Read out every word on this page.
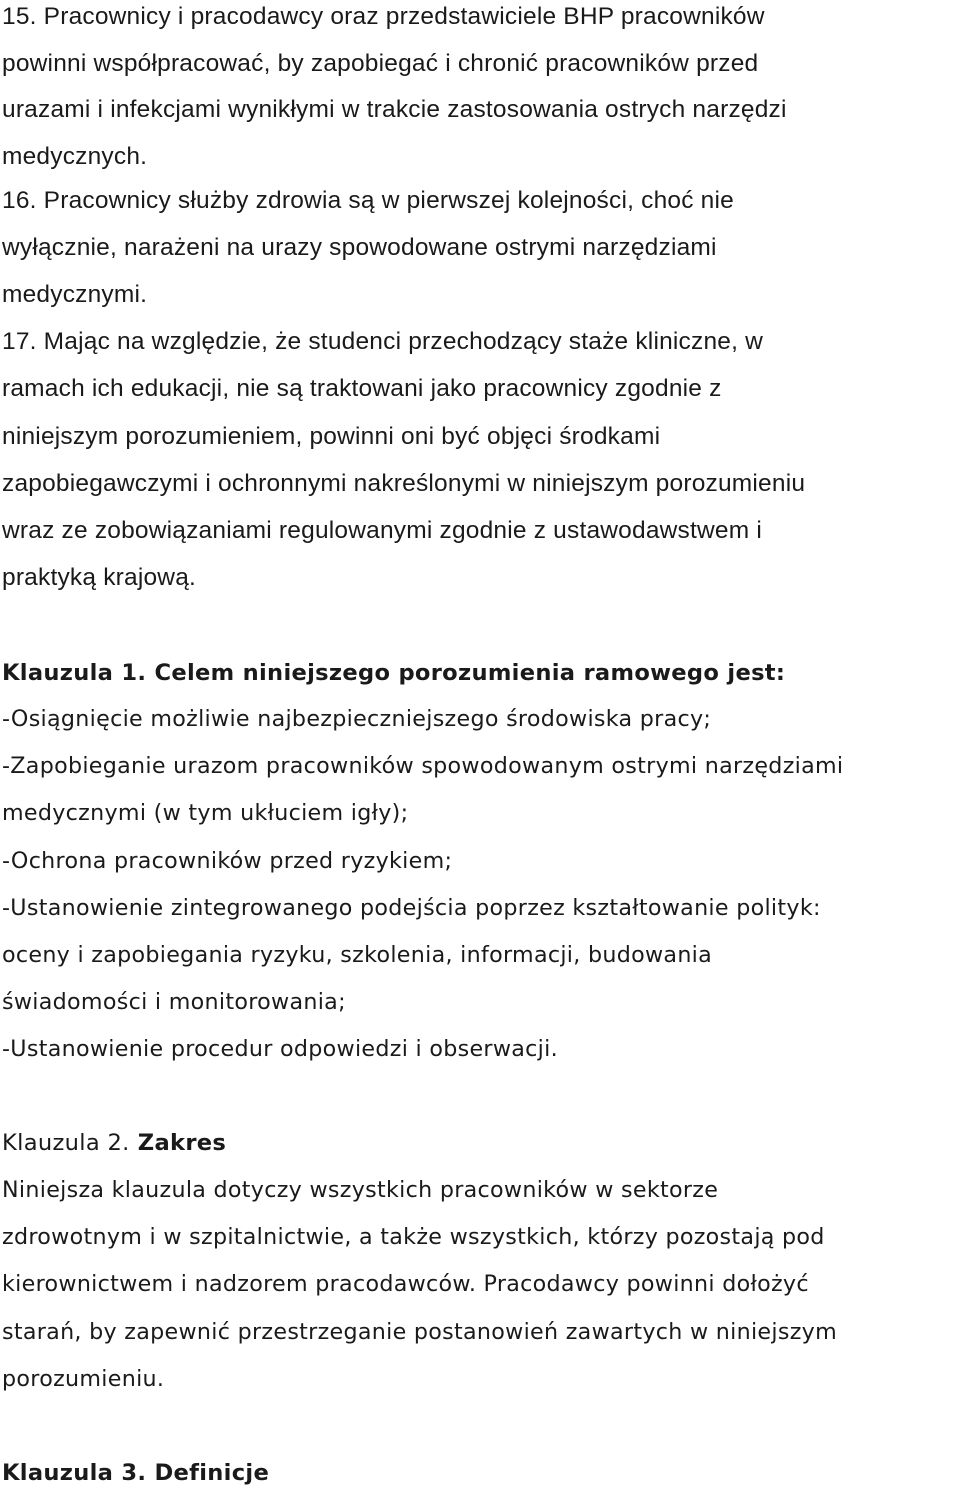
15. Pracownicy i pracodawcy oraz przedstawiciele BHP pracowników
powinni współpracować, by zapobiegać i chronić pracowników przed
urazami i infekcjami wynikłymi w trakcie zastosowania ostrych narzędzi
medycznych.
16. Pracownicy służby zdrowia są w pierwszej kolejności, choć nie
wyłącznie, narażeni na urazy spowodowane ostrymi narzędziami
medycznymi.
17. Mając na względzie, że studenci przechodzący staże kliniczne, w
ramach ich edukacji, nie są traktowani jako pracownicy zgodnie z
niniejszym porozumieniem, powinni oni być objęci środkami
zapobiegawczymi i ochronnymi nakreślonymi w niniejszym porozumieniu
wraz ze zobowiązaniami regulowanymi zgodnie z ustawodawstwem i
praktyką krajową.
Klauzula 1. Celem niniejszego porozumienia ramowego jest:
-Osiągnięcie możliwie najbezpieczniejszego środowiska pracy;
-Zapobieganie urazom pracowników spowodowanym ostrymi narzędziami
medycznymi (w tym ukłuciem igły);
-Ochrona pracowników przed ryzykiem;
-Ustanowienie zintegrowanego podejścia poprzez kształtowanie polityk:
oceny i zapobiegania ryzyku, szkolenia, informacji, budowania
świadomości i monitorowania;
-Ustanowienie procedur odpowiedzi i obserwacji.
Klauzula 2. Zakres
Niniejsza klauzula dotyczy wszystkich pracowników w sektorze
zdrowotnym i w szpitalnictwie, a także wszystkich, którzy pozostają pod
kierownictwem i nadzorem pracodawców. Pracodawcy powinni dołożyć
starań, by zapewnić przestrzeganie postanowień zawartych w niniejszym
porozumieniu.
Klauzula 3. Definicje
